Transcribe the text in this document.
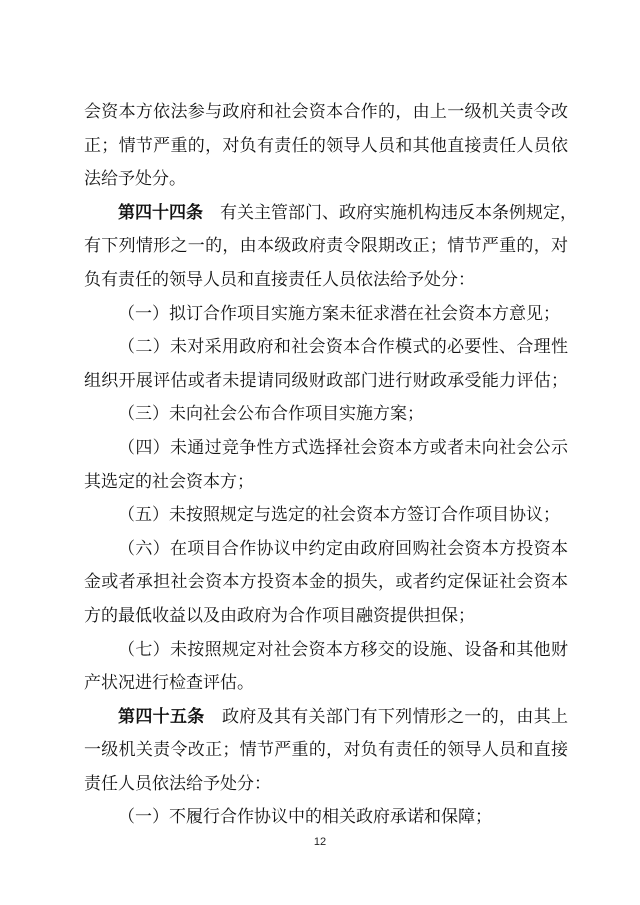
会资本方依法参与政府和社会资本合作的，由上一级机关责令改
正；情节严重的，对负有责任的领导人员和其他直接责任人员依
法给予处分。
第四十四条　 有关主管部门、政府实施机构违反本条例规定，
有下列情形之一的，由本级政府责令限期改正；情节严重的，对
负有责任的领导人员和直接责任人员依法给予处分：
（一）拟订合作项目实施方案未征求潜在社会资本方意见；
（二）未对采用政府和社会资本合作模式的必要性、合理性
组织开展评估或者未提请同级财政部门进行财政承受能力评估；
（三）未向社会公布合作项目实施方案；
（四）未通过竞争性方式选择社会资本方或者未向社会公示
其选定的社会资本方；
（五）未按照规定与选定的社会资本方签订合作项目协议；
（六）在项目合作协议中约定由政府回购社会资本方投资本
金或者承担社会资本方投资本金的损失，或者约定保证社会资本
方的最低收益以及由政府为合作项目融资提供担保；
（七）未按照规定对社会资本方移交的设施、设备和其他财
产状况进行检查评估。
第四十五条　 政府及其有关部门有下列情形之一的，由其上
一级机关责令改正；情节严重的，对负有责任的领导人员和直接
责任人员依法给予处分：
（一）不履行合作协议中的相关政府承诺和保障；
12
